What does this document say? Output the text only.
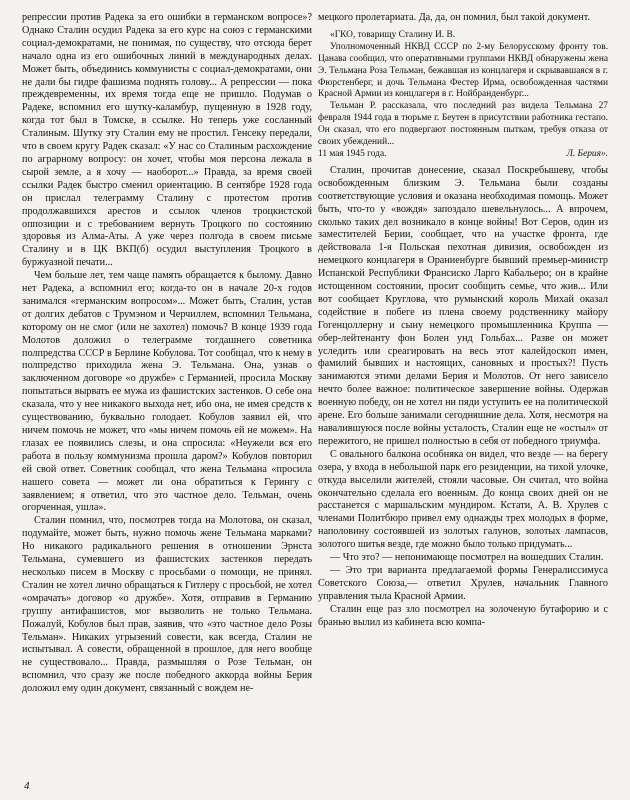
репрессии против Радека за его ошибки в германском вопросе»? Однако Сталин осудил Радека за его курс на союз с германскими социал-демократами, не понимая, по существу, что отсюда берет начало одна из его ошибочных линий в международных делах. Может быть, объединись коммунисты с социал-демократами, они не дали бы гидре фашизма поднять голову... А репрессии — пока преждевременны, их время тогда еще не пришло. Подумав о Радеке, вспомнил его шутку-каламбур, пущенную в 1928 году, когда тот был в Томске, в ссылке. Но теперь уже сосланный Сталиным. Шутку эту Сталин ему не простил. Генсеку передали, что в своем кругу Радек сказал: «У нас со Сталиным расхождение по аграрному вопросу: он хочет, чтобы моя персона лежала в сырой земле, а я хочу — наоборот...» Правда, за время своей ссылки Радек быстро сменил ориентацию. В сентябре 1928 года он прислал телеграмму Сталину с протестом против продолжавшихся арестов и ссылок членов троцкистской оппозиции и с требованием вернуть Троцкого по состоянию здоровья из Алма-Аты. А уже через полгода в своем письме Сталину и в ЦК ВКП(б) осудил выступления Троцкого в буржуазной печати...

Чем больше лет, тем чаще память обращается к былому. Давно нет Радека, а вспомнил его; когда-то он в начале 20-х годов занимался «германским вопросом»... Может быть, Сталин, устав от долгих дебатов с Трумэном и Черчиллем, вспомнил Тельмана, которому он не смог (или не захотел) помочь? В конце 1939 года Молотов доложил о телеграмме тогдашнего советника полпредства СССР в Берлине Кобулова. Тот сообщал, что к нему в полпредство приходила жена Э. Тельмана. Она, узнав о заключенном договоре «о дружбе» с Германией, просила Москву попытаться вырвать ее мужа из фашистских застенков. О себе она сказала, что у нее никакого выхода нет, ибо она, не имея средств к существованию, буквально голодает. Кобулов заявил ей, что ничем помочь не может, что «мы ничем помочь ей не можем». На глазах ее появились слезы, и она спросила: «Неужели вся его работа в пользу коммунизма прошла даром?» Кобулов повторил ей свой ответ. Советник сообщал, что жена Тельмана «просила нашего совета — может ли она обратиться к Герингу с заявлением; я ответил, что это частное дело. Тельман, очень огорченная, ушла».

Сталин помнил, что, посмотрев тогда на Молотова, он сказал, подумайте, может быть, нужно помочь жене Тельмана марками? Но никакого радикального решения в отношении Эрнста Тельмана, сумевшего из фашистских застенков передать несколько писем в Москву с просьбами о помощи, не принял. Сталин не хотел лично обращаться к Гитлеру с просьбой, не хотел «омрачать» договор «о дружбе». Хотя, отправив в Германию группу антифашистов, мог вызволить не только Тельмана. Пожалуй, Кобулов был прав, заявив, что «это частное дело Розы Тельман». Никаких угрызений совести, как всегда, Сталин не испытывал. А совести, обращенной в прошлое, для него вообще не существовало... Правда, размышляя о Розе Тельман, он вспомнил, что сразу же после победного аккорда войны Берия доложил ему один документ, связанный с вождем не-

мецкого пролетариата. Да, да, он помнил, был такой документ.

«ГКО, товарищу Сталину И. В.

Уполномоченный НКВД СССР по 2-му Белорусскому фронту тов. Цанава сообщил, что оперативными группами НКВД обнаружены жена Э. Тельмана Роза Тельман, бежавшая из концлагеря и скрывавшаяся в г. Фюрстенберг, и дочь Тельмана Фестер Ирма, освобожденная частями Красной Армии из концлагеря в г. Нойбранденбург...

Тельман Р. рассказала, что последний раз видела Тельмана 27 февраля 1944 года в тюрьме г. Беутен в присутствии работника гестапо. Он сказал, что его подвергают постоянным пыткам, требуя отказа от своих убеждений...

11 мая 1945 года.	Л. Берия».

Сталин, прочитав донесение, сказал Поскребышеву, чтобы освобожденным близким Э. Тельмана были созданы соответствующие условия и оказана необходимая помощь. Может быть, что-то у «вождя» запоздало шевельнулось... А впрочем, сколько таких дел возникало в конце войны! Вот Серов, один из заместителей Берии, сообщает, что на участке фронта, где действовала 1-я Польская пехотная дивизия, освобожден из немецкого концлагеря в Ораниенбурге бывший премьер-министр Испанской Республики Франсиско Ларго Кабальеро; он в крайне истощенном состоянии, просит сообщить семье, что жив... Или вот сообщает Круглова, что румынский король Михай оказал содействие в побеге из плена своему родственнику майору Гогенцоллерну и сыну немецкого промышленника Круппа — обер-лейтенанту фон Болен унд Гольбах... Разве он может уследить или среагировать на весь этот калейдоскоп имен, фамилий бывших и настоящих, сановных и простых?! Пусть занимаются этими делами Берия и Молотов. От него зависело нечто более важное: политическое завершение войны. Одержав военную победу, он не хотел ни пяди уступить ее на политической арене. Его больше занимали сегодняшние дела. Хотя, несмотря на навалившуюся после войны усталость, Сталин еще не «остыл» от пережитого, не пришел полностью в себя от победного триумфа.

С овального балкона особняка он видел, что везде — на берегу озера, у входа в небольшой парк его резиденции, на тихой улочке, откуда выселили жителей, стояли часовые. Он считал, что война окончательно сделала его военным. До конца своих дней он не расстанется с маршальским мундиром. Кстати, А. В. Хрулев с членами Политбюро привел ему однажды трех молодых в форме, наполовину состоявшей из золотых галунов, золотых лампасов, золотого шитья везде, где можно было только придумать...

— Что это? — непонимающе посмотрел на вошедших Сталин.

— Это три варианта предлагаемой формы Генералиссимуса Советского Союза,— ответил Хрулев, начальник Главного управления тыла Красной Армии.

Сталин еще раз зло посмотрел на золоченую бутафорию и с бранью вылил из кабинета всю компа-

4
